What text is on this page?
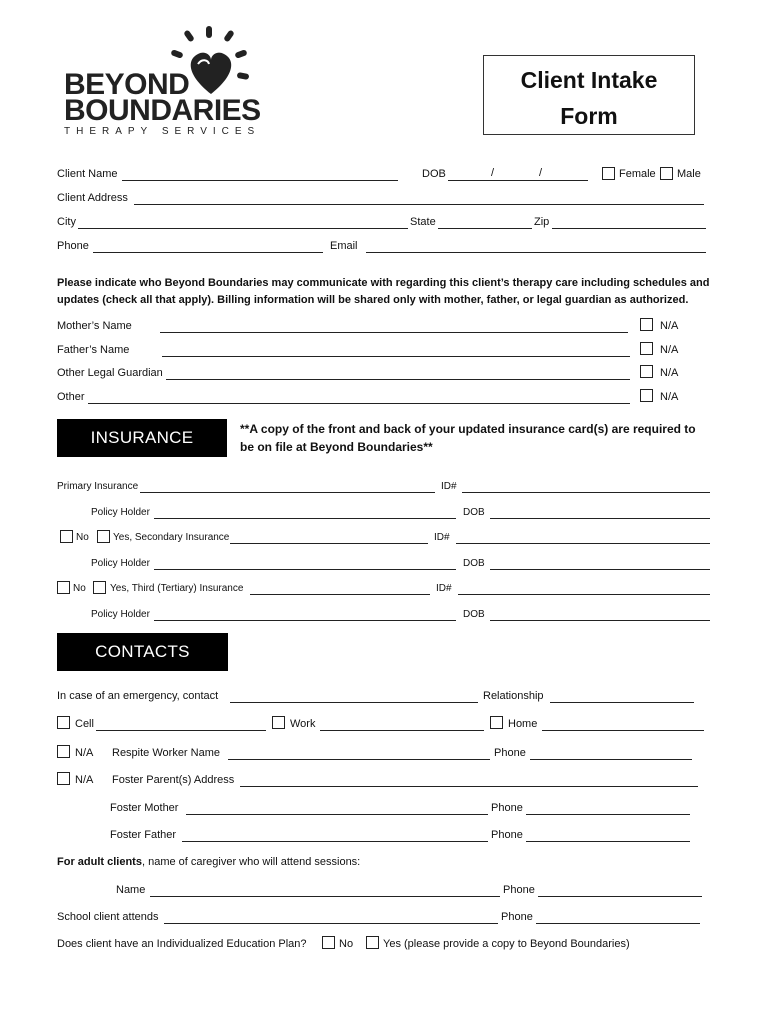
BEYOND
BOUNDARIES
THERAPY SERVICES
Client Intake
Form
Client Name	DOB	/	/	Female Male
Client Address
City	State	Zip
Phone	Email
Please indicate who Beyond Boundaries may communicate with regarding this client’s therapy care including schedules and updates (check all that apply). Billing information will be shared only with mother, father, or legal guardian as authorized.
Mother’s Name	N/A
Father’s Name	N/A
Other Legal Guardian	N/A
Other	N/A
INSURANCE	**A copy of the front and back of your updated insurance card(s) are required to be on file at Beyond Boundaries**
Primary Insurance	ID#
Policy Holder	DOB
No Yes, Secondary Insurance	ID#
Policy Holder	DOB
No Yes, Third (Tertiary) Insurance	ID#
Policy Holder	DOB
CONTACTS
In case of an emergency, contact	Relationship
Cell	Work	Home
N/A Respite Worker Name	Phone
N/A Foster Parent(s) Address
Foster Mother	Phone
Foster Father	Phone
For adult clients, name of caregiver who will attend sessions:
Name	Phone
School client attends	Phone
Does client have an Individualized Education Plan?	No	Yes (please provide a copy to Beyond Boundaries)
